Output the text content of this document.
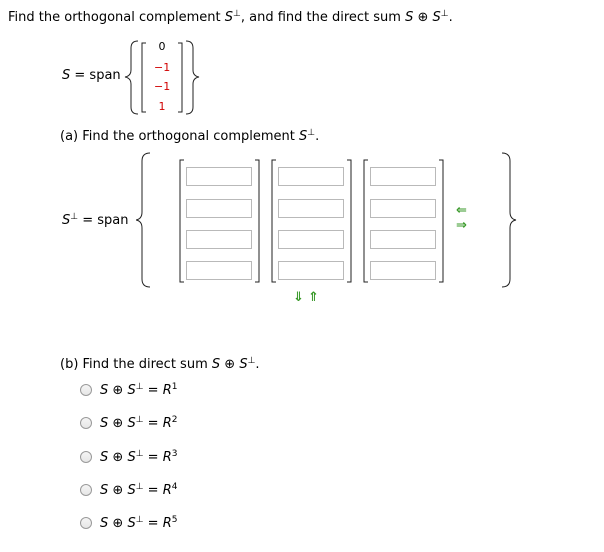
Find the orthogonal complement S⊥, and find the direct sum S ⊕ S⊥.
S = span
0
−1
−1
1
(a) Find the orthogonal complement S⊥.
S⊥ = span
⇐
⇒
⇓ ⇑
(b) Find the direct sum S ⊕ S⊥.
S ⊕ $S^\perp = R^1$
S ⊕ $S^\perp = R^2$
S ⊕ $S^\perp = R^3$
S ⊕ $S^\perp = R^4$
S ⊕ $S^\perp = R^5$
